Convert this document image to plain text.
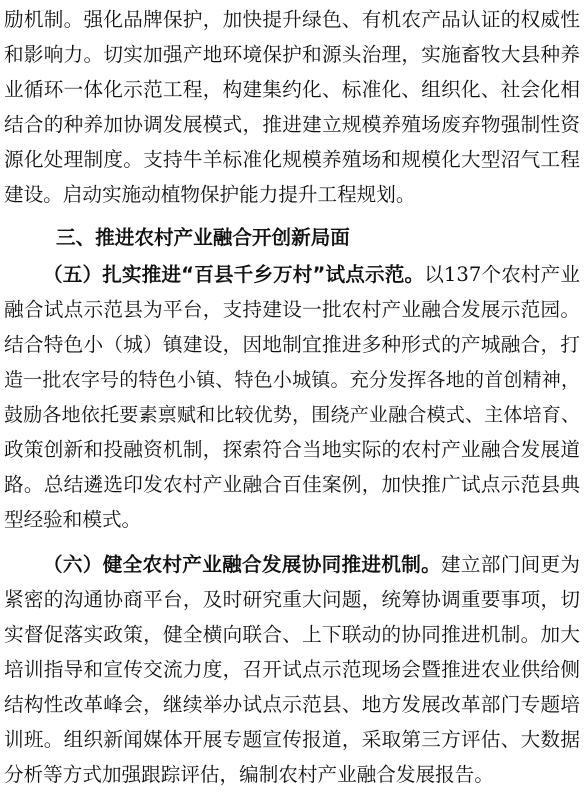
励机制。强化品牌保护，加快提升绿色、有机农产品认证的权威性
和影响力。切实加强产地环境保护和源头治理，实施畜牧大县种养
业循环一体化示范工程，构建集约化、标准化、组织化、社会化相
结合的种养加协调发展模式，推进建立规模养殖场废弃物强制性资
源化处理制度。支持牛羊标准化规模养殖场和规模化大型沼气工程
建设。启动实施动植物保护能力提升工程规划。
三、推进农村产业融合开创新局面
（五）扎实推进“百县千乡万村”试点示范。以137个农村产业
融合试点示范县为平台，支持建设一批农村产业融合发展示范园。
结合特色小（城）镇建设，因地制宜推进多种形式的产城融合，打
造一批农字号的特色小镇、特色小城镇。充分发挥各地的首创精神，
鼓励各地依托要素禀赋和比较优势，围绕产业融合模式、主体培育、
政策创新和投融资机制，探索符合当地实际的农村产业融合发展道
路。总结遴选印发农村产业融合百佳案例，加快推广试点示范县典
型经验和模式。
（六）健全农村产业融合发展协同推进机制。建立部门间更为
紧密的沟通协商平台，及时研究重大问题，统筹协调重要事项，切
实督促落实政策，健全横向联合、上下联动的协同推进机制。加大
培训指导和宣传交流力度，召开试点示范现场会暨推进农业供给侧
结构性改革峰会，继续举办试点示范县、地方发展改革部门专题培
训班。组织新闻媒体开展专题宣传报道，采取第三方评估、大数据
分析等方式加强跟踪评估，编制农村产业融合发展报告。
